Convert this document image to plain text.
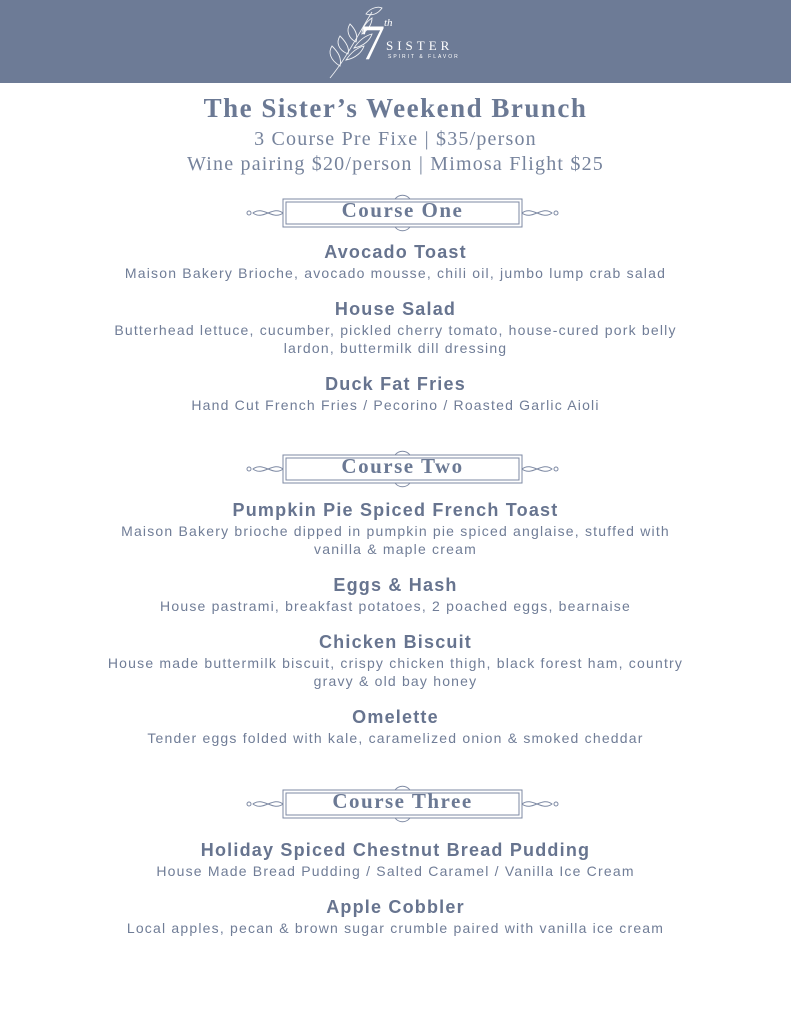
7 th
SISTER
SPIRIT & FLAVOR
The Sister’s Weekend Brunch
3 Course Pre Fixe | $35/person
Wine pairing $20/person | Mimosa Flight $25
Course One
Avocado Toast
Maison Bakery Brioche, avocado mousse, chili oil, jumbo lump crab salad
House Salad
Butterhead lettuce, cucumber, pickled cherry tomato, house-cured pork belly lardon, buttermilk dill dressing
Duck Fat Fries
Hand Cut French Fries / Pecorino / Roasted Garlic Aioli
Course Two
Pumpkin Pie Spiced French Toast
Maison Bakery brioche dipped in pumpkin pie spiced anglaise, stuffed with vanilla & maple cream
Eggs & Hash
House pastrami, breakfast potatoes, 2 poached eggs, bearnaise
Chicken Biscuit
House made buttermilk biscuit, crispy chicken thigh, black forest ham, country gravy & old bay honey
Omelette
Tender eggs folded with kale, caramelized onion & smoked cheddar
Course Three
Holiday Spiced Chestnut Bread Pudding
House Made Bread Pudding / Salted Caramel / Vanilla Ice Cream
Apple Cobbler
Local apples, pecan & brown sugar crumble paired with vanilla ice cream
